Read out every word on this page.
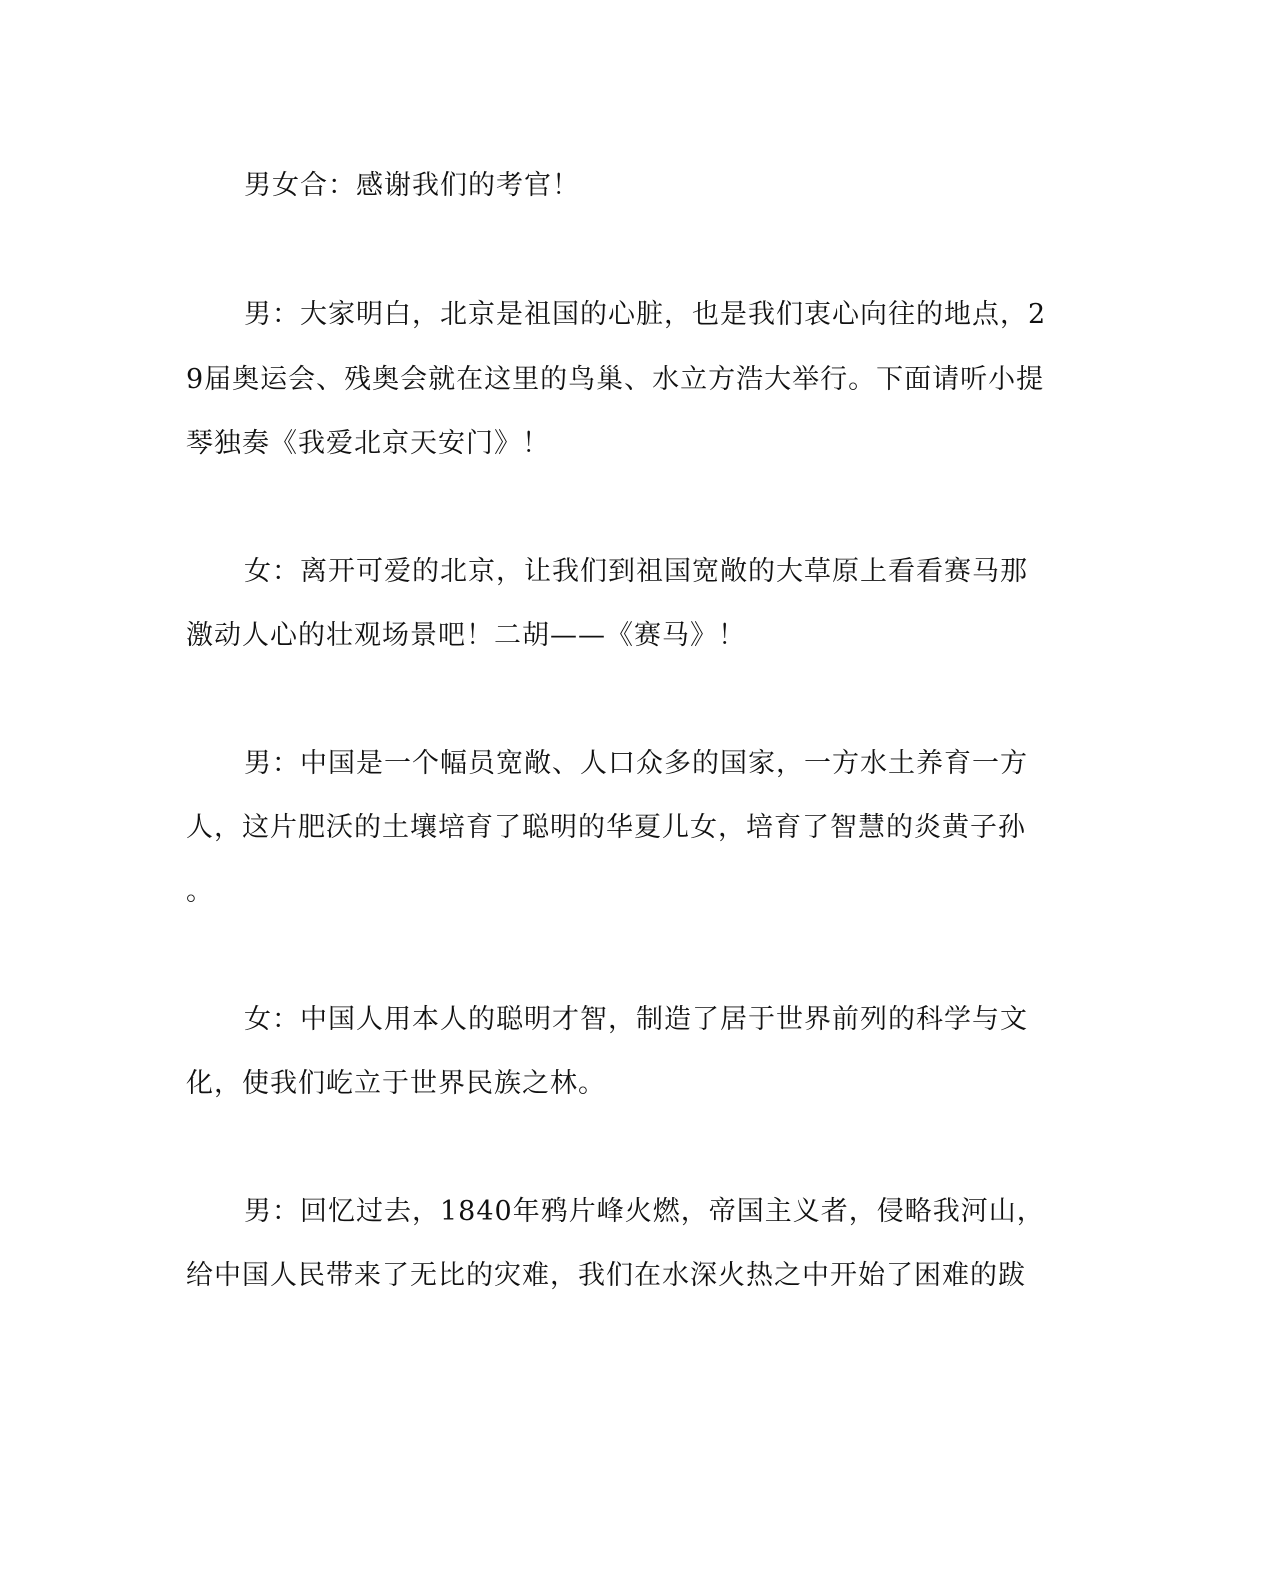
男女合：感谢我们的考官！
男：大家明白，北京是祖国的心脏，也是我们衷心向往的地点，2
9届奥运会、残奥会就在这里的鸟巢、水立方浩大举行。下面请听小提
琴独奏《我爱北京天安门》！
女：离开可爱的北京，让我们到祖国宽敞的大草原上看看赛马那
激动人心的壮观场景吧！二胡——《赛马》！
男：中国是一个幅员宽敞、人口众多的国家，一方水土养育一方
人，这片肥沃的土壤培育了聪明的华夏儿女，培育了智慧的炎黄子孙
。
女：中国人用本人的聪明才智，制造了居于世界前列的科学与文
化，使我们屹立于世界民族之林。
男：回忆过去，1840年鸦片峰火燃，帝国主义者，侵略我河山，
给中国人民带来了无比的灾难，我们在水深火热之中开始了困难的跋
